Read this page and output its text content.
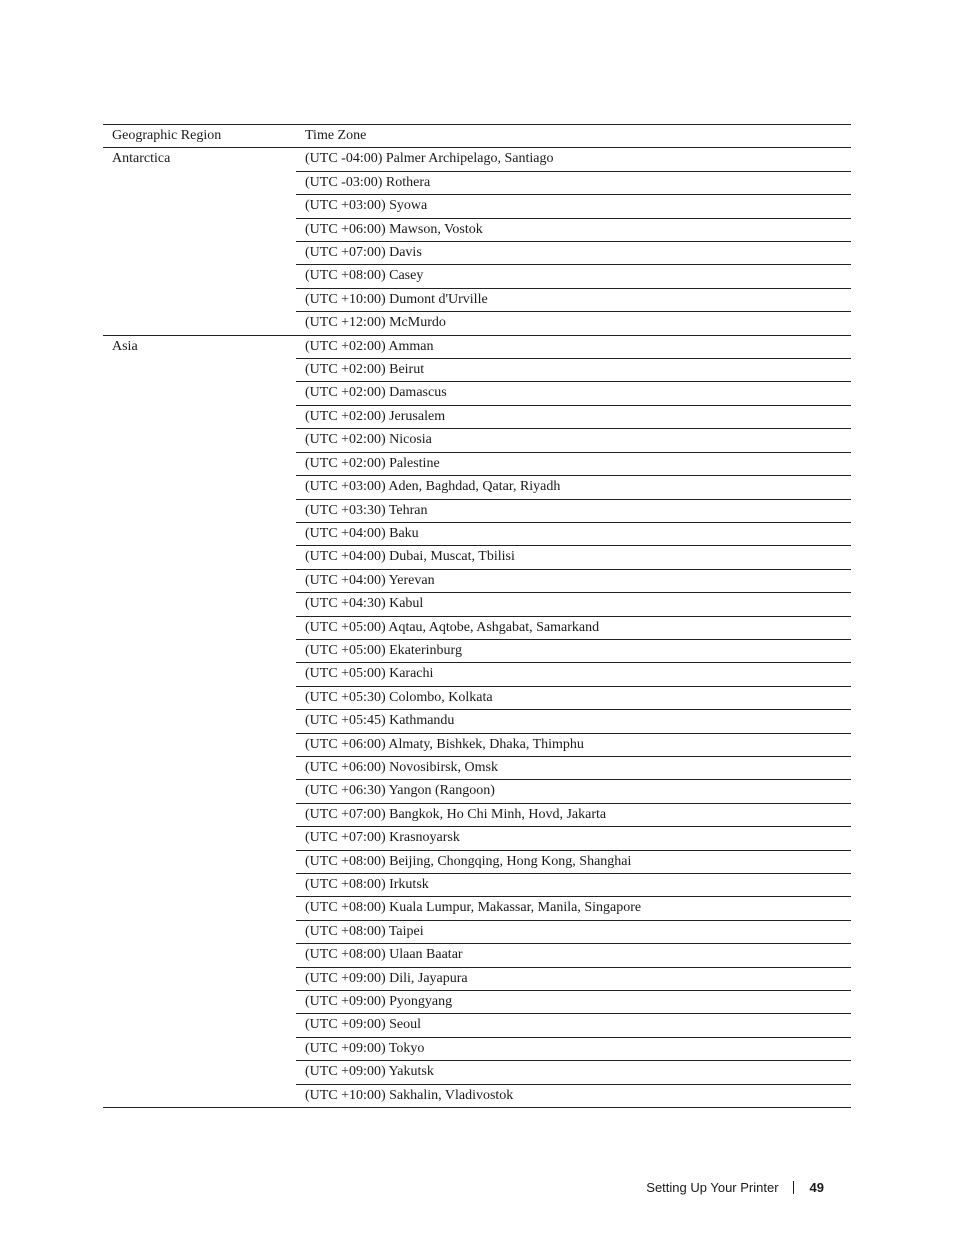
Geographic Region	Time Zone
Antarctica	(UTC -04:00) Palmer Archipelago, Santiago
	(UTC -03:00) Rothera
	(UTC +03:00) Syowa
	(UTC +06:00) Mawson, Vostok
	(UTC +07:00) Davis
	(UTC +08:00) Casey
	(UTC +10:00) Dumont d'Urville
	(UTC +12:00) McMurdo
Asia	(UTC +02:00) Amman
	(UTC +02:00) Beirut
	(UTC +02:00) Damascus
	(UTC +02:00) Jerusalem
	(UTC +02:00) Nicosia
	(UTC +02:00) Palestine
	(UTC +03:00) Aden, Baghdad, Qatar, Riyadh
	(UTC +03:30) Tehran
	(UTC +04:00) Baku
	(UTC +04:00) Dubai, Muscat, Tbilisi
	(UTC +04:00) Yerevan
	(UTC +04:30) Kabul
	(UTC +05:00) Aqtau, Aqtobe, Ashgabat, Samarkand
	(UTC +05:00) Ekaterinburg
	(UTC +05:00) Karachi
	(UTC +05:30) Colombo, Kolkata
	(UTC +05:45) Kathmandu
	(UTC +06:00) Almaty, Bishkek, Dhaka, Thimphu
	(UTC +06:00) Novosibirsk, Omsk
	(UTC +06:30) Yangon (Rangoon)
	(UTC +07:00) Bangkok, Ho Chi Minh, Hovd, Jakarta
	(UTC +07:00) Krasnoyarsk
	(UTC +08:00) Beijing, Chongqing, Hong Kong, Shanghai
	(UTC +08:00) Irkutsk
	(UTC +08:00) Kuala Lumpur, Makassar, Manila, Singapore
	(UTC +08:00) Taipei
	(UTC +08:00) Ulaan Baatar
	(UTC +09:00) Dili, Jayapura
	(UTC +09:00) Pyongyang
	(UTC +09:00) Seoul
	(UTC +09:00) Tokyo
	(UTC +09:00) Yakutsk
	(UTC +10:00) Sakhalin, Vladivostok
Setting Up Your Printer 49
